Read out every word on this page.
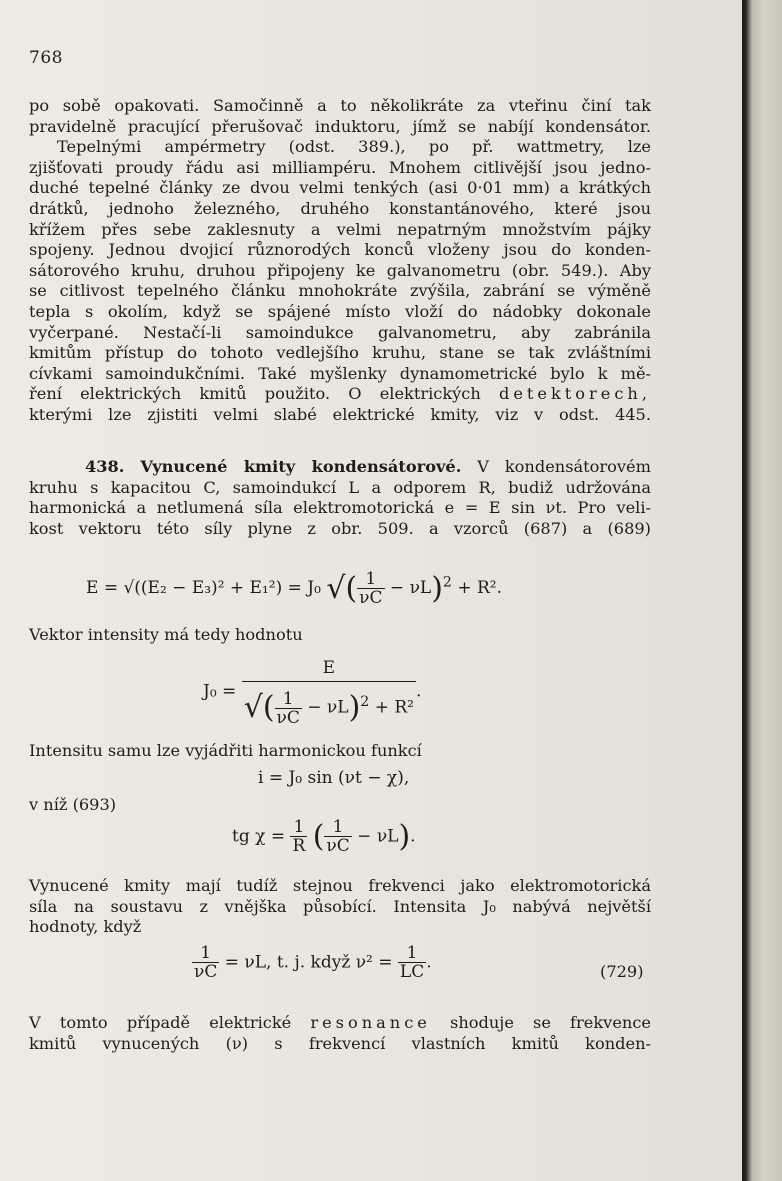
768
po sobě opakovati. Samočinně a to několikráte za vteřinu činí tak
pravidelně pracující přerušovač induktoru, jímž se nabíjí kondensátor.
Tepelnými ampérmetry (odst. 389.), po př. wattmetry, lze
zjišťovati proudy řádu asi milliampéru. Mnohem citlivější jsou jedno-
duché tepelné články ze dvou velmi tenkých (asi 0·01 mm) a krátkých
drátků, jednoho železného, druhého konstantánového, které jsou
křížem přes sebe zaklesnuty a velmi nepatrným množstvím pájky
spojeny. Jednou dvojicí různorodých konců vloženy jsou do konden-
sátorového kruhu, druhou připojeny ke galvanometru (obr. 549.). Aby
se citlivost tepelného článku mnohokráte zvýšila, zabrání se výměně
tepla s okolím, když se spájené místo vloží do nádobky dokonale
vyčerpané. Nestačí-li samoindukce galvanometru, aby zabránila
kmitům přístup do tohoto vedlejšího kruhu, stane se tak zvláštními
cívkami samoindukčními. Také myšlenky dynamometrické bylo k mě-
ření elektrických kmitů použito. O elektrických detektorech,
kterými lze zjistiti velmi slabé elektrické kmity, viz v odst. 445.
438. Vynucené kmity kondensátorové. V kondensátorovém
kruhu s kapacitou C, samoindukcí L a odporem R, budiž udržována
harmonická a netlumená síla elektromotorická e = E sin νt. Pro veli-
kost vektoru této síly plyne z obr. 509. a vzorců (687) a (689)
E = √((E₂ − E₃)² + E₁²) = J₀ √( $\frac{1}{\nu C} - \nu L)^2 + R^2$.
Vektor intensity má tedy hodnotu
$J_0 = \frac{E}{√( \frac{1}{\nu C} - \nu L)^2 + R^2}$ .
Intensitu samu lze vyjádřiti harmonickou funkcí
i = J₀ sin (νt − χ),
v níž (693)
tg $\chi = \frac{1}{R}$ ( $\frac{1}{\nu C} - \nu L$).
Vynucené kmity mají tudíž stejnou frekvenci jako elektromotorická
síla na soustavu z vnějška působící. Intensita J₀ nabývá největší
hodnoty, když
$\frac{1}{\nu C} = \nu L$, t. j. když $\nu^2 = \frac{1}{LC}$ .	(729)
V tomto případě elektrické resonance shoduje se frekvence
kmitů vynucených (ν) s frekvencí vlastních kmitů konden-
